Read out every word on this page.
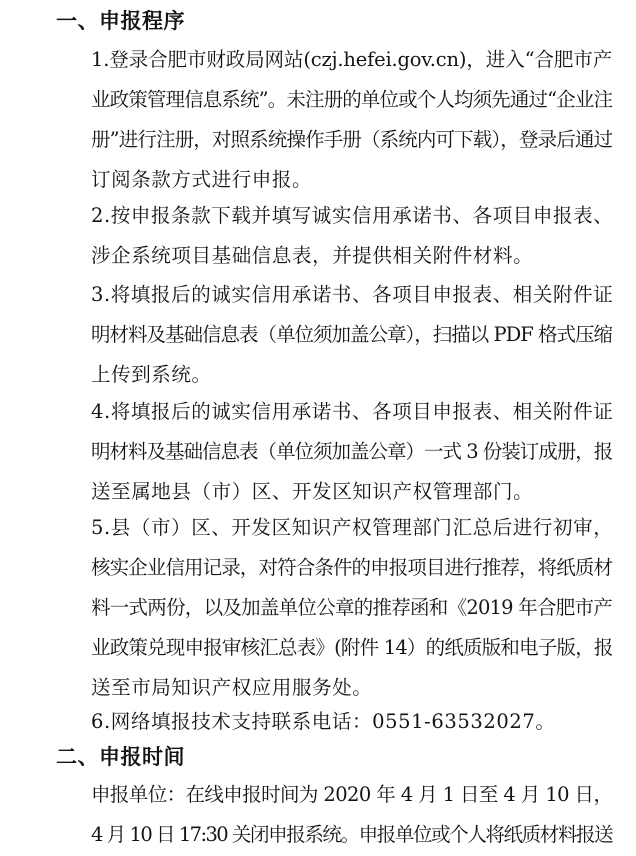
一、申报程序
1.登录合肥市财政局网站(czj.hefei.gov.cn)，进入“合肥市产
业政策管理信息系统”。未注册的单位或个人均须先通过“企业注
册”进行注册，对照系统操作手册（系统内可下载），登录后通过
订阅条款方式进行申报。
2.按申报条款下载并填写诚实信用承诺书、各项目申报表、
涉企系统项目基础信息表，并提供相关附件材料。
3.将填报后的诚实信用承诺书、各项目申报表、相关附件证
明材料及基础信息表（单位须加盖公章），扫描以 PDF 格式压缩
上传到系统。
4.将填报后的诚实信用承诺书、各项目申报表、相关附件证
明材料及基础信息表（单位须加盖公章）一式 3 份装订成册，报
送至属地县（市）区、开发区知识产权管理部门。
5.县（市）区、开发区知识产权管理部门汇总后进行初审，
核实企业信用记录，对符合条件的申报项目进行推荐，将纸质材
料一式两份，以及加盖单位公章的推荐函和《2019 年合肥市产
业政策兑现申报审核汇总表》(附件 14）的纸质版和电子版，报
送至市局知识产权应用服务处。
6.网络填报技术支持联系电话：0551-63532027。
二、申报时间
申报单位：在线申报时间为 2020 年 4 月 1 日至 4 月 10 日，
4 月 10 日 17:30 关闭申报系统。申报单位或个人将纸质材料报送
